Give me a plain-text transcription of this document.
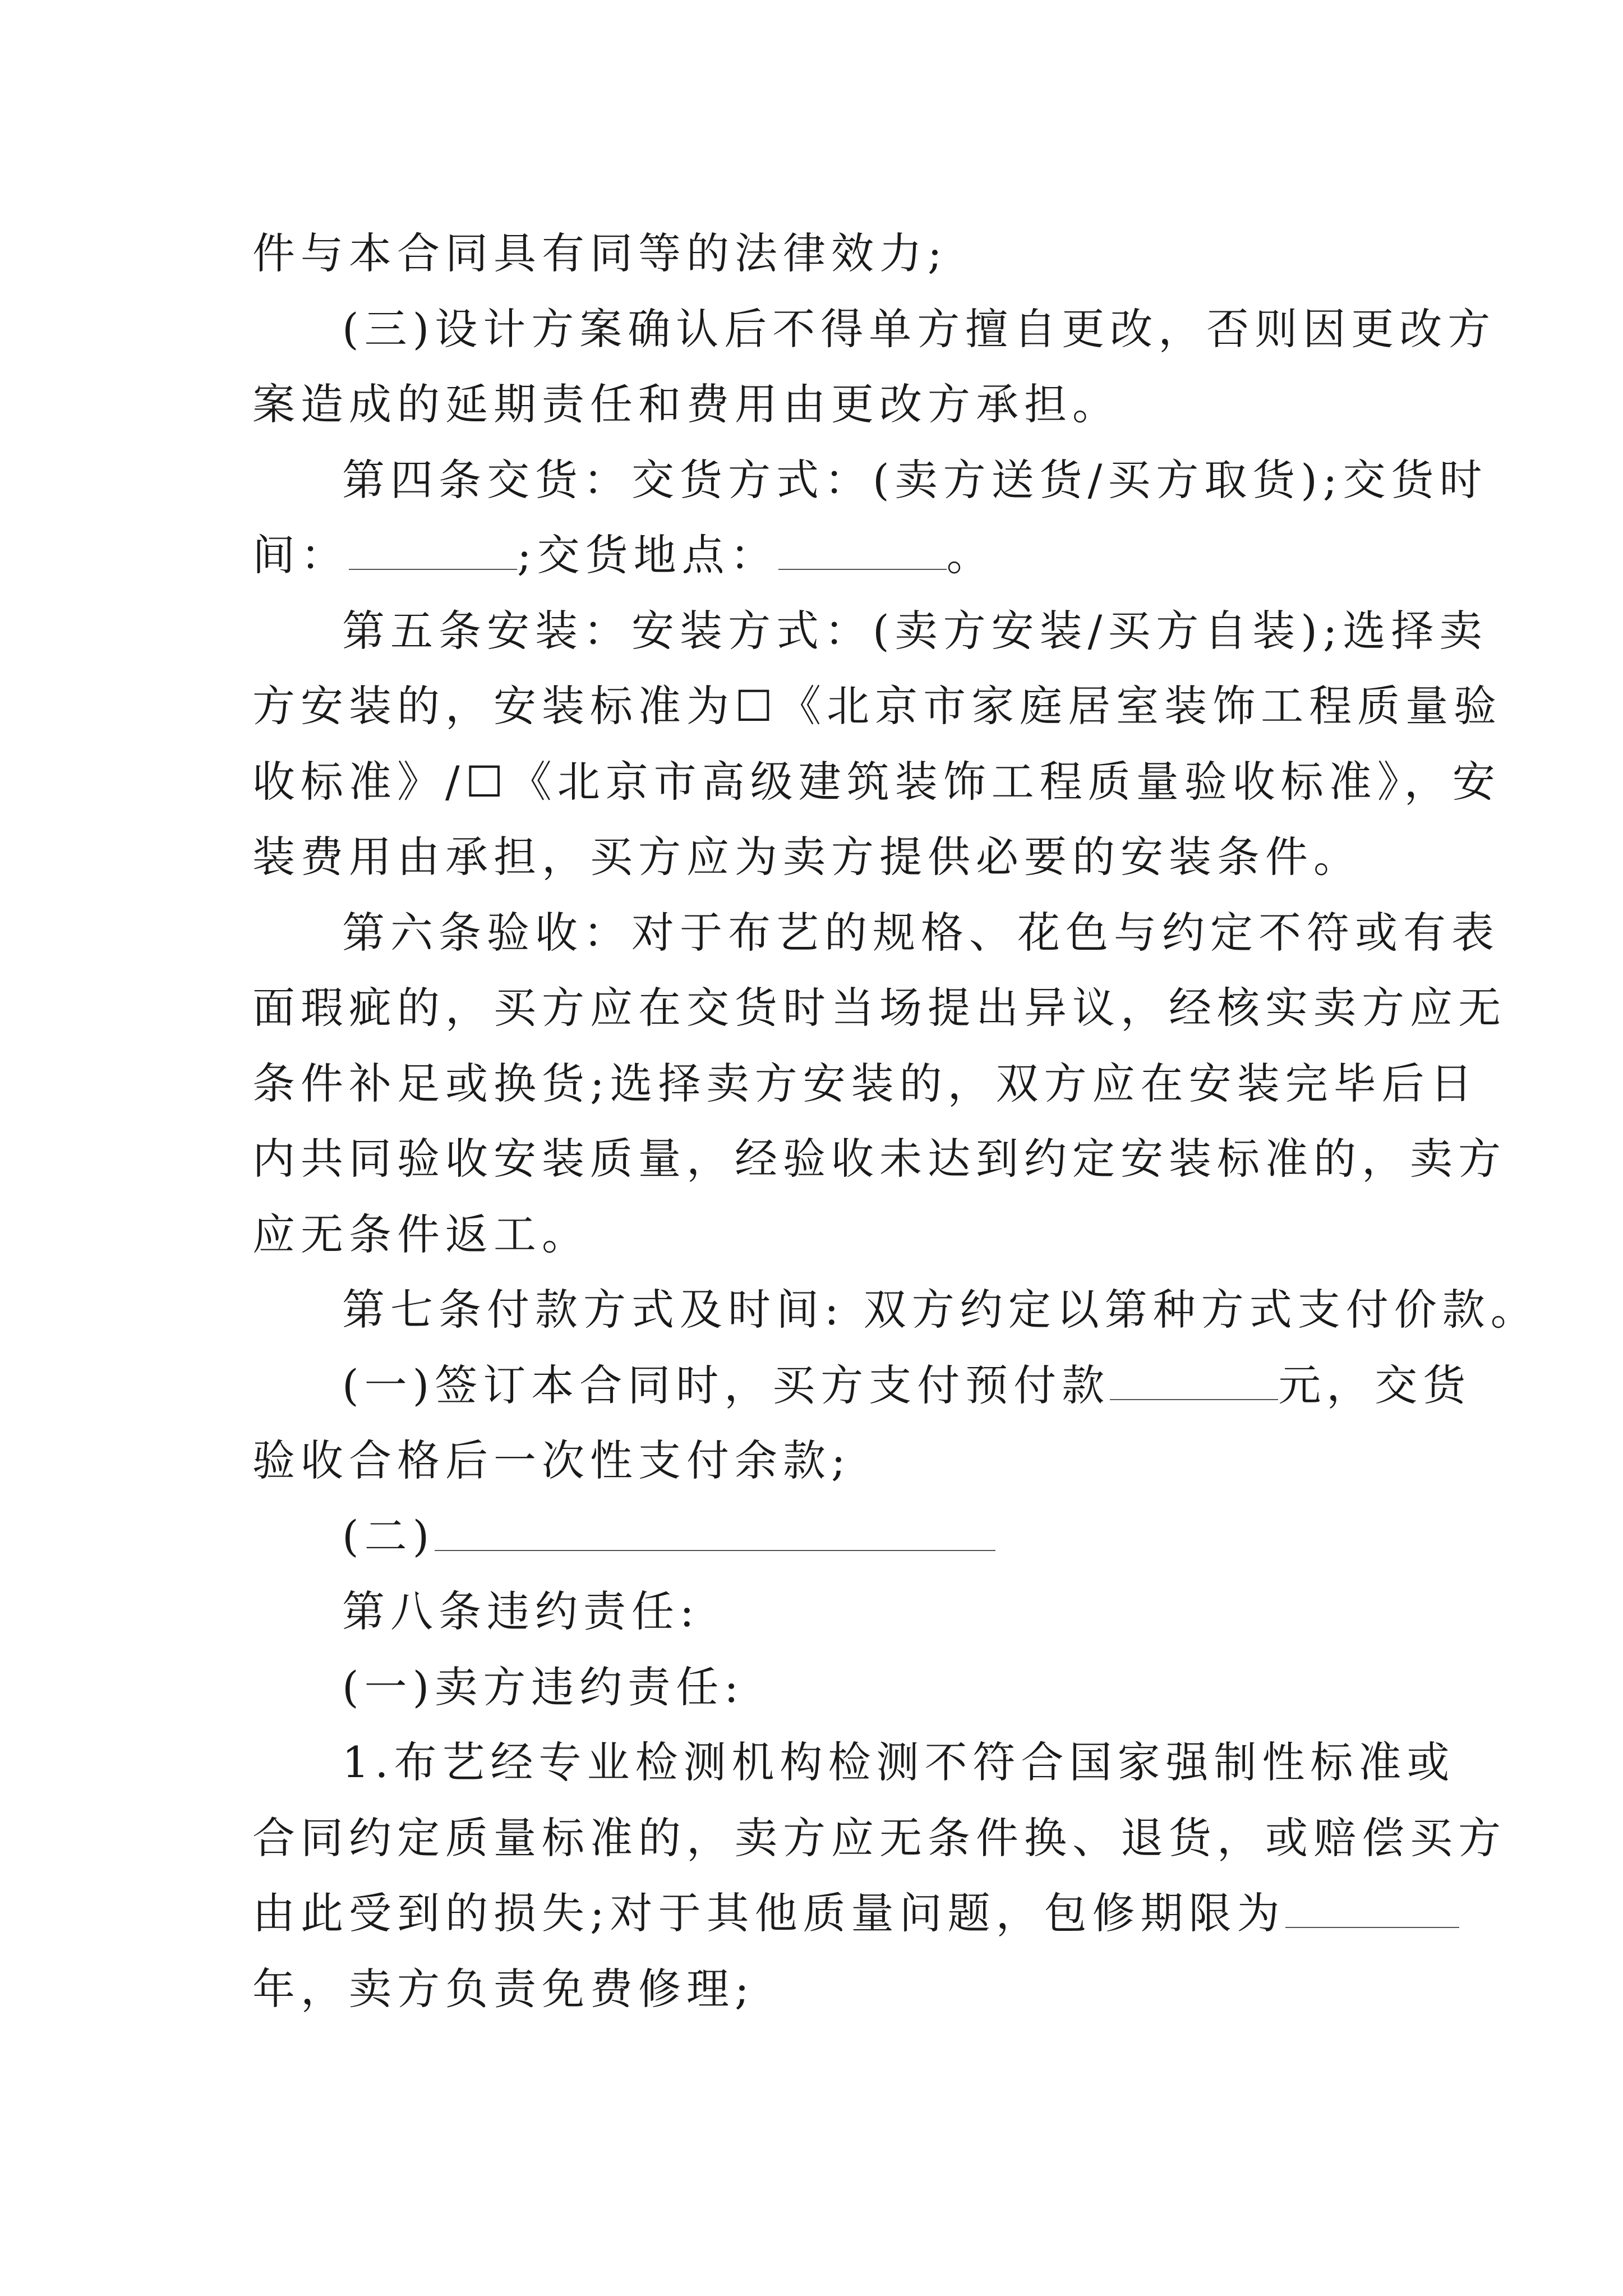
件与本合同具有同等的法律效力;
(三)设计方案确认后不得单方擅自更改，否则因更改方
案造成的延期责任和费用由更改方承担。
第四条交货：交货方式：(卖方送货/买方取货);交货时
间：	;交货地点：	。
第五条安装：安装方式：(卖方安装/买方自装);选择卖
方安装的，安装标准为☐《北京市家庭居室装饰工程质量验
收标准》/☐《北京市高级建筑装饰工程质量验收标准》，安
装费用由承担，买方应为卖方提供必要的安装条件。
第六条验收：对于布艺的规格、花色与约定不符或有表
面瑕疵的，买方应在交货时当场提出异议，经核实卖方应无
条件补足或换货;选择卖方安装的，双方应在安装完毕后日
内共同验收安装质量，经验收未达到约定安装标准的，卖方
应无条件返工。
第七条付款方式及时间: 双方约定以第种方式支付价款。
(一)签订本合同时，买方支付预付款	元，交货
验收合格后一次性支付余款;
(二)
第八条违约责任:
(一)卖方违约责任:
1.布艺经专业检测机构检测不符合国家强制性标准或
合同约定质量标准的，卖方应无条件换、退货，或赔偿买方
由此受到的损失;对于其他质量问题，包修期限为
年，卖方负责免费修理;
